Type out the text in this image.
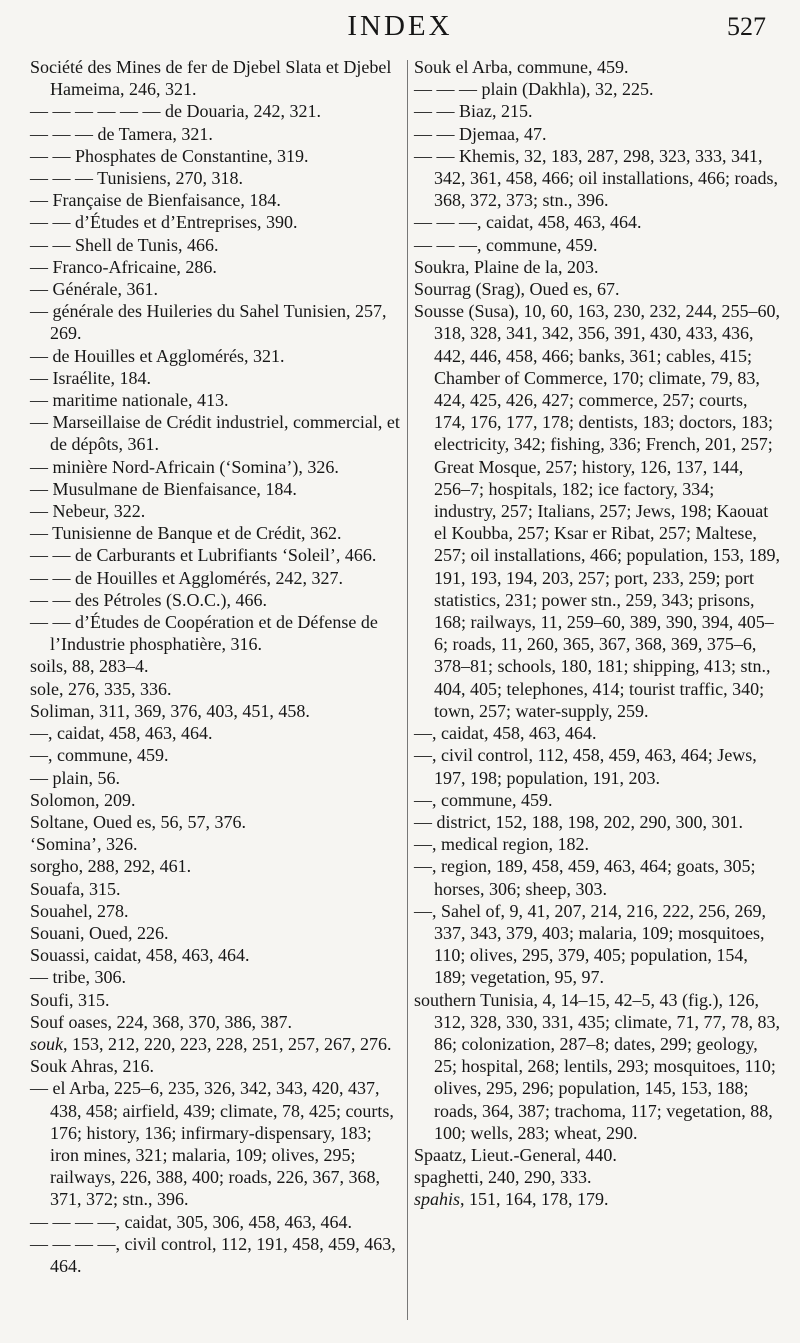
INDEX	527
Société des Mines de fer de Djebel Slata et Djebel Hameima, 246, 321.
— — — — — — de Douaria, 242, 321.
— — — de Tamera, 321.
— — Phosphates de Constantine, 319.
— — — Tunisiens, 270, 318.
— Française de Bienfaisance, 184.
— — d’Études et d’Entreprises, 390.
— — Shell de Tunis, 466.
— Franco-Africaine, 286.
— Générale, 361.
— générale des Huileries du Sahel Tunisien, 257, 269.
— de Houilles et Agglomérés, 321.
— Israélite, 184.
— maritime nationale, 413.
— Marseillaise de Crédit industriel, commercial, et de dépôts, 361.
— minière Nord-Africain (‘Somina’), 326.
— Musulmane de Bienfaisance, 184.
— Nebeur, 322.
— Tunisienne de Banque et de Crédit, 362.
— — de Carburants et Lubrifiants ‘Soleil’, 466.
— — de Houilles et Agglomérés, 242, 327.
— — des Pétroles (S.O.C.), 466.
— — d’Études de Coopération et de Défense de l’Industrie phosphatière, 316.
soils, 88, 283–4.
sole, 276, 335, 336.
Soliman, 311, 369, 376, 403, 451, 458.
—, caidat, 458, 463, 464.
—, commune, 459.
— plain, 56.
Solomon, 209.
Soltane, Oued es, 56, 57, 376.
‘Somina’, 326.
sorgho, 288, 292, 461.
Souafa, 315.
Souahel, 278.
Souani, Oued, 226.
Souassi, caidat, 458, 463, 464.
— tribe, 306.
Soufi, 315.
Souf oases, 224, 368, 370, 386, 387.
souk, 153, 212, 220, 223, 228, 251, 257, 267, 276.
Souk Ahras, 216.
— el Arba, 225–6, 235, 326, 342, 343, 420, 437, 438, 458; airfield, 439; climate, 78, 425; courts, 176; history, 136; infirmary-dispensary, 183; iron mines, 321; malaria, 109; olives, 295; railways, 226, 388, 400; roads, 226, 367, 368, 371, 372; stn., 396.
— — — —, caidat, 305, 306, 458, 463, 464.
— — — —, civil control, 112, 191, 458, 459, 463, 464.
Souk el Arba, commune, 459.
— — — plain (Dakhla), 32, 225.
— — Biaz, 215.
— — Djemaa, 47.
— — Khemis, 32, 183, 287, 298, 323, 333, 341, 342, 361, 458, 466; oil installations, 466; roads, 368, 372, 373; stn., 396.
— — —, caidat, 458, 463, 464.
— — —, commune, 459.
Soukra, Plaine de la, 203.
Sourrag (Srag), Oued es, 67.
Sousse (Susa), 10, 60, 163, 230, 232, 244, 255–60, 318, 328, 341, 342, 356, 391, 430, 433, 436, 442, 446, 458, 466; banks, 361; cables, 415; Chamber of Commerce, 170; climate, 79, 83, 424, 425, 426, 427; commerce, 257; courts, 174, 176, 177, 178; dentists, 183; doctors, 183; electricity, 342; fishing, 336; French, 201, 257; Great Mosque, 257; history, 126, 137, 144, 256–7; hospitals, 182; ice factory, 334; industry, 257; Italians, 257; Jews, 198; Kaouat el Koubba, 257; Ksar er Ribat, 257; Maltese, 257; oil installations, 466; population, 153, 189, 191, 193, 194, 203, 257; port, 233, 259; port statistics, 231; power stn., 259, 343; prisons, 168; railways, 11, 259–60, 389, 390, 394, 405–6; roads, 11, 260, 365, 367, 368, 369, 375–6, 378–81; schools, 180, 181; shipping, 413; stn., 404, 405; telephones, 414; tourist traffic, 340; town, 257; water-supply, 259.
—, caidat, 458, 463, 464.
—, civil control, 112, 458, 459, 463, 464; Jews, 197, 198; population, 191, 203.
—, commune, 459.
— district, 152, 188, 198, 202, 290, 300, 301.
—, medical region, 182.
—, region, 189, 458, 459, 463, 464; goats, 305; horses, 306; sheep, 303.
—, Sahel of, 9, 41, 207, 214, 216, 222, 256, 269, 337, 343, 379, 403; malaria, 109; mosquitoes, 110; olives, 295, 379, 405; population, 154, 189; vegetation, 95, 97.
southern Tunisia, 4, 14–15, 42–5, 43 (fig.), 126, 312, 328, 330, 331, 435; climate, 71, 77, 78, 83, 86; colonization, 287–8; dates, 299; geology, 25; hospital, 268; lentils, 293; mosquitoes, 110; olives, 295, 296; population, 145, 153, 188; roads, 364, 387; trachoma, 117; vegetation, 88, 100; wells, 283; wheat, 290.
Spaatz, Lieut.-General, 440.
spaghetti, 240, 290, 333.
spahis, 151, 164, 178, 179.
